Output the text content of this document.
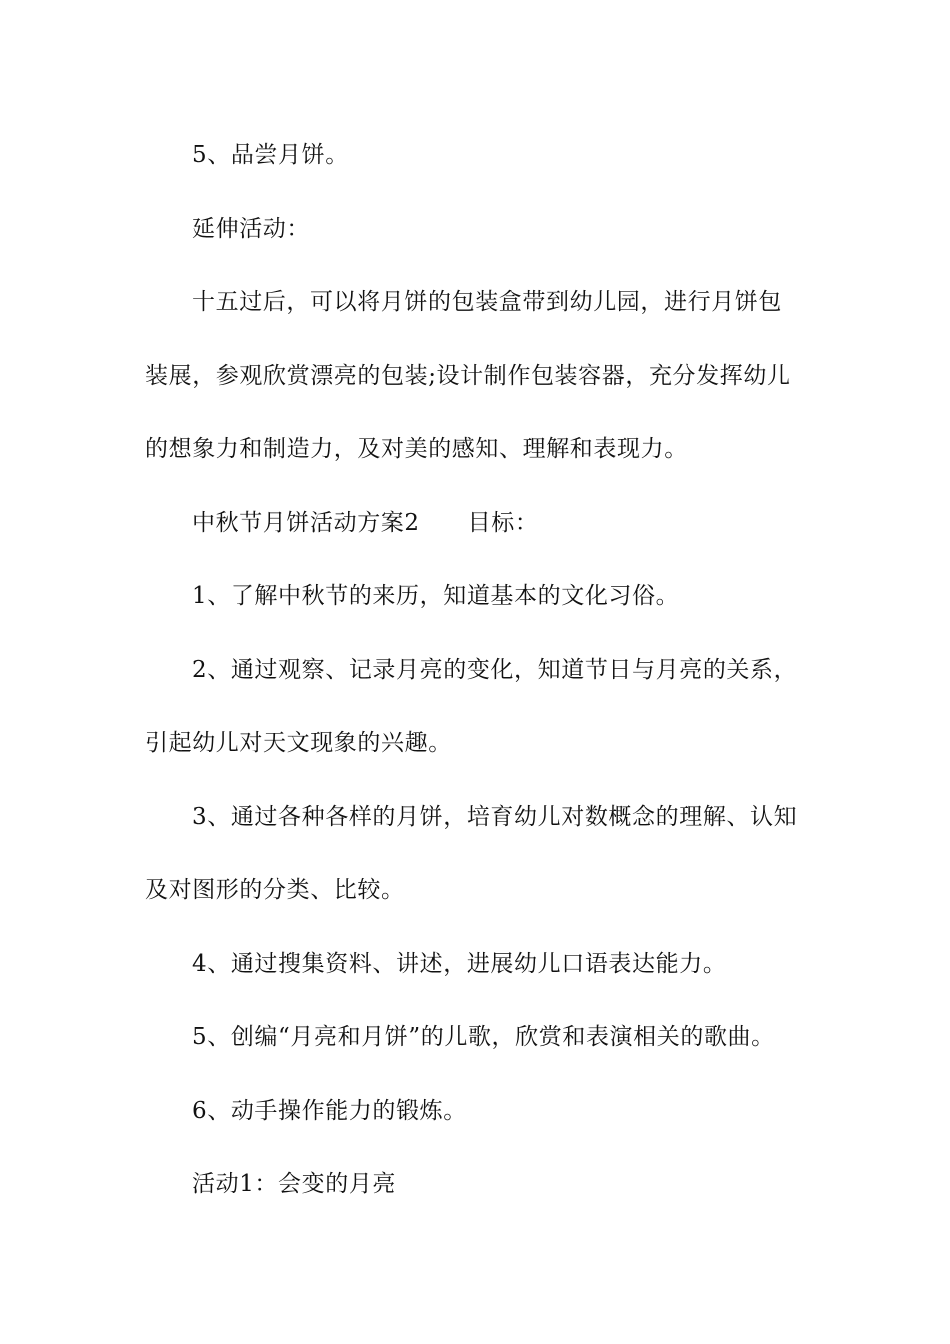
5、品尝月饼。
延伸活动：
十五过后，可以将月饼的包装盒带到幼儿园，进行月饼包
装展，参观欣赏漂亮的包装;设计制作包装容器，充分发挥幼儿
的想象力和制造力，及对美的感知、理解和表现力。
中秋节月饼活动方案2 目标：
1、了解中秋节的来历，知道基本的文化习俗。
2、通过观察、记录月亮的变化，知道节日与月亮的关系，
引起幼儿对天文现象的兴趣。
3、通过各种各样的月饼，培育幼儿对数概念的理解、认知
及对图形的分类、比较。
4、通过搜集资料、讲述，进展幼儿口语表达能力。
5、创编“月亮和月饼”的儿歌，欣赏和表演相关的歌曲。
6、动手操作能力的锻炼。
活动1：会变的月亮
